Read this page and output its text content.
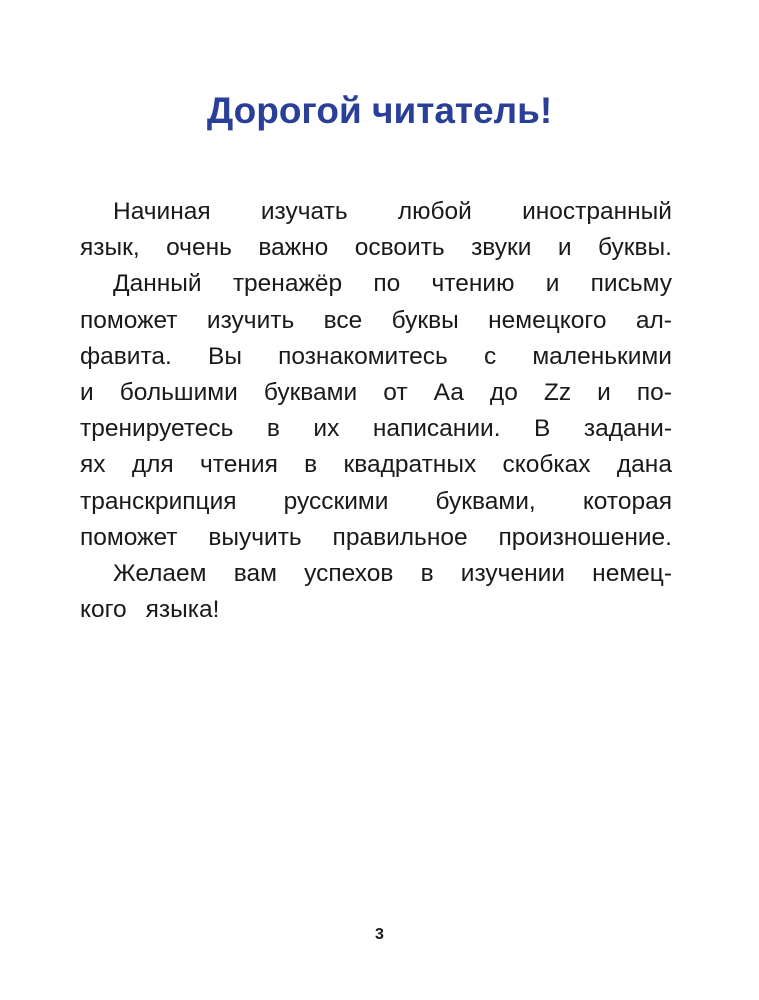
Дорогой читатель!
Начиная изучать любой иностранный
язык, очень важно освоить звуки и буквы.
Данный тренажёр по чтению и письму
поможет изучить все буквы немецкого ал-
фавита. Вы познакомитесь с маленькими
и большими буквами от Аа до Zz и по-
тренируетесь в их написании. В задани-
ях для чтения в квадратных скобках дана
транскрипция русскими буквами, которая
поможет выучить правильное произношение.
Желаем вам успехов в изучении немец-
кого языка!
3
